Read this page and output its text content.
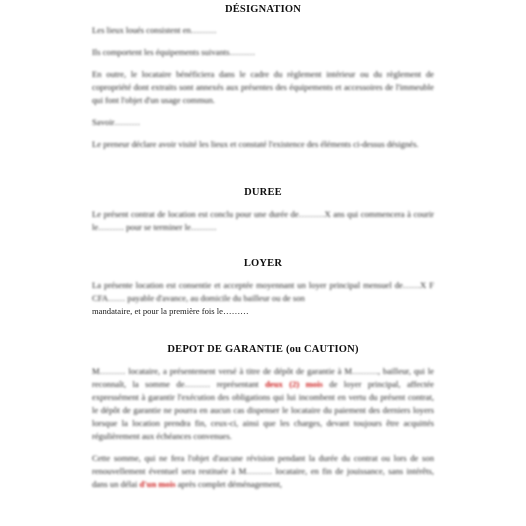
DÉSIGNATION

Les lieux loués consistent en………

Ils comportent les équipements suivants………

En outre, le locataire bénéficiera dans le cadre du règlement intérieur ou du règlement de copropriété dont extraits sont annexés aux présentes des équipements et accessoires de l'immeuble qui font l'objet d'un usage commun.

Savoir………

Le preneur déclare avoir visité les lieux et constaté l'existence des éléments ci-dessus désignés.

DUREE

Le présent contrat de location est conclu pour une durée de………X ans qui commencera à courir le……… pour se terminer le………

LOYER

La présente location est consentie et acceptée moyennant un loyer principal mensuel de……X F CFA…… payable d'avance, au domicile du bailleur ou de son
mandataire, et pour la première fois le………

DEPOT DE GARANTIE (ou CAUTION)

M……… locataire, a présentement versé à titre de dépôt de garantie à M………, bailleur, qui le reconnaît, la somme de……… représentant deux (2) mois de loyer principal, affectée expressément à garantir l'exécution des obligations qui lui incombent en vertu du présent contrat, le dépôt de garantie ne pourra en aucun cas dispenser le locataire du paiement des derniers loyers lorsque la location prendra fin, ceux-ci, ainsi que les charges, devant toujours être acquittés régulièrement aux échéances convenues.

Cette somme, qui ne fera l'objet d'aucune révision pendant la durée du contrat ou lors de son renouvellement éventuel sera restituée à M……… locataire, en fin de jouissance, sans intérêts, dans un délai d'un mois après complet déménagement,
